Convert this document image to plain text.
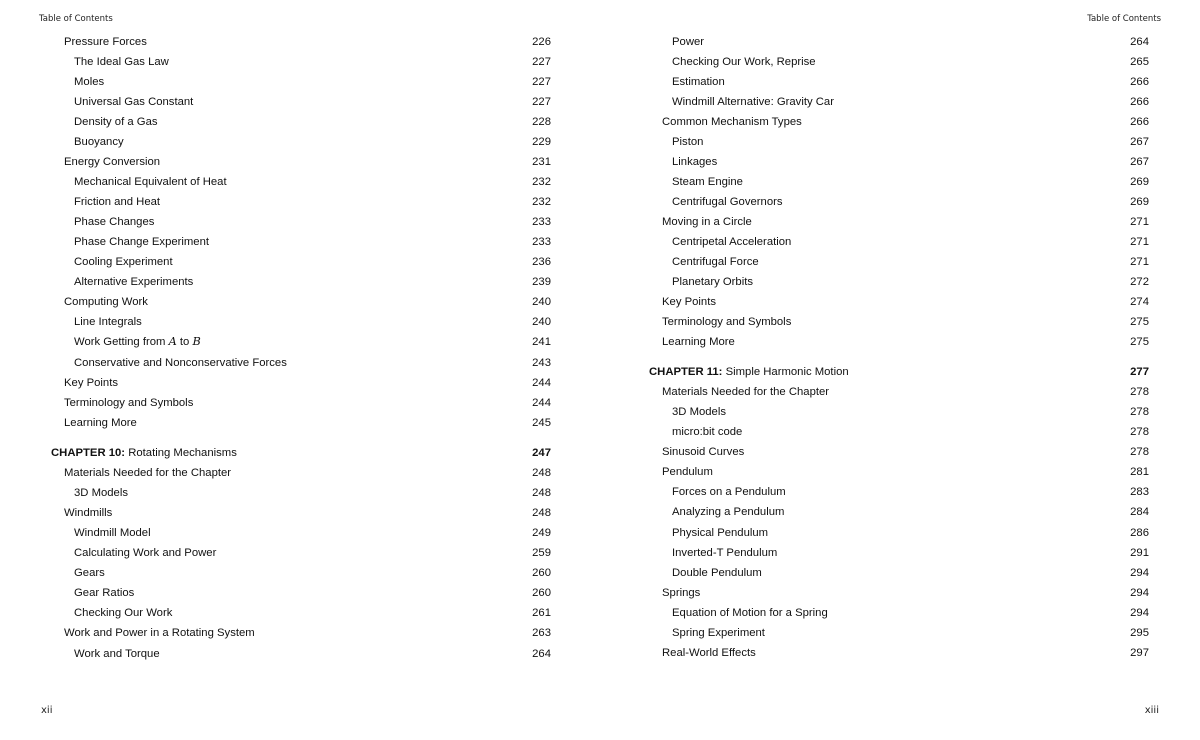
Table of Contents
Pressure Forces	226
The Ideal Gas Law	227
Moles	227
Universal Gas Constant	227
Density of a Gas	228
Buoyancy	229
Energy Conversion	231
Mechanical Equivalent of Heat	232
Friction and Heat	232
Phase Changes	233
Phase Change Experiment	233
Cooling Experiment	236
Alternative Experiments	239
Computing Work	240
Line Integrals	240
Work Getting from A to B	241
Conservative and Nonconservative Forces	243
Key Points	244
Terminology and Symbols	244
Learning More	245
CHAPTER 10: Rotating Mechanisms	247
Materials Needed for the Chapter	248
3D Models	248
Windmills	248
Windmill Model	249
Calculating Work and Power	259
Gears	260
Gear Ratios	260
Checking Our Work	261
Work and Power in a Rotating System	263
Work and Torque	264
xii
Table of Contents
Power	264
Checking Our Work, Reprise	265
Estimation	266
Windmill Alternative: Gravity Car	266
Common Mechanism Types	266
Piston	267
Linkages	267
Steam Engine	269
Centrifugal Governors	269
Moving in a Circle	271
Centripetal Acceleration	271
Centrifugal Force	271
Planetary Orbits	272
Key Points	274
Terminology and Symbols	275
Learning More	275
CHAPTER 11: Simple Harmonic Motion	277
Materials Needed for the Chapter	278
3D Models	278
micro:bit code	278
Sinusoid Curves	278
Pendulum	281
Forces on a Pendulum	283
Analyzing a Pendulum	284
Physical Pendulum	286
Inverted-T Pendulum	291
Double Pendulum	294
Springs	294
Equation of Motion for a Spring	294
Spring Experiment	295
Real-World Effects	297
xiii
